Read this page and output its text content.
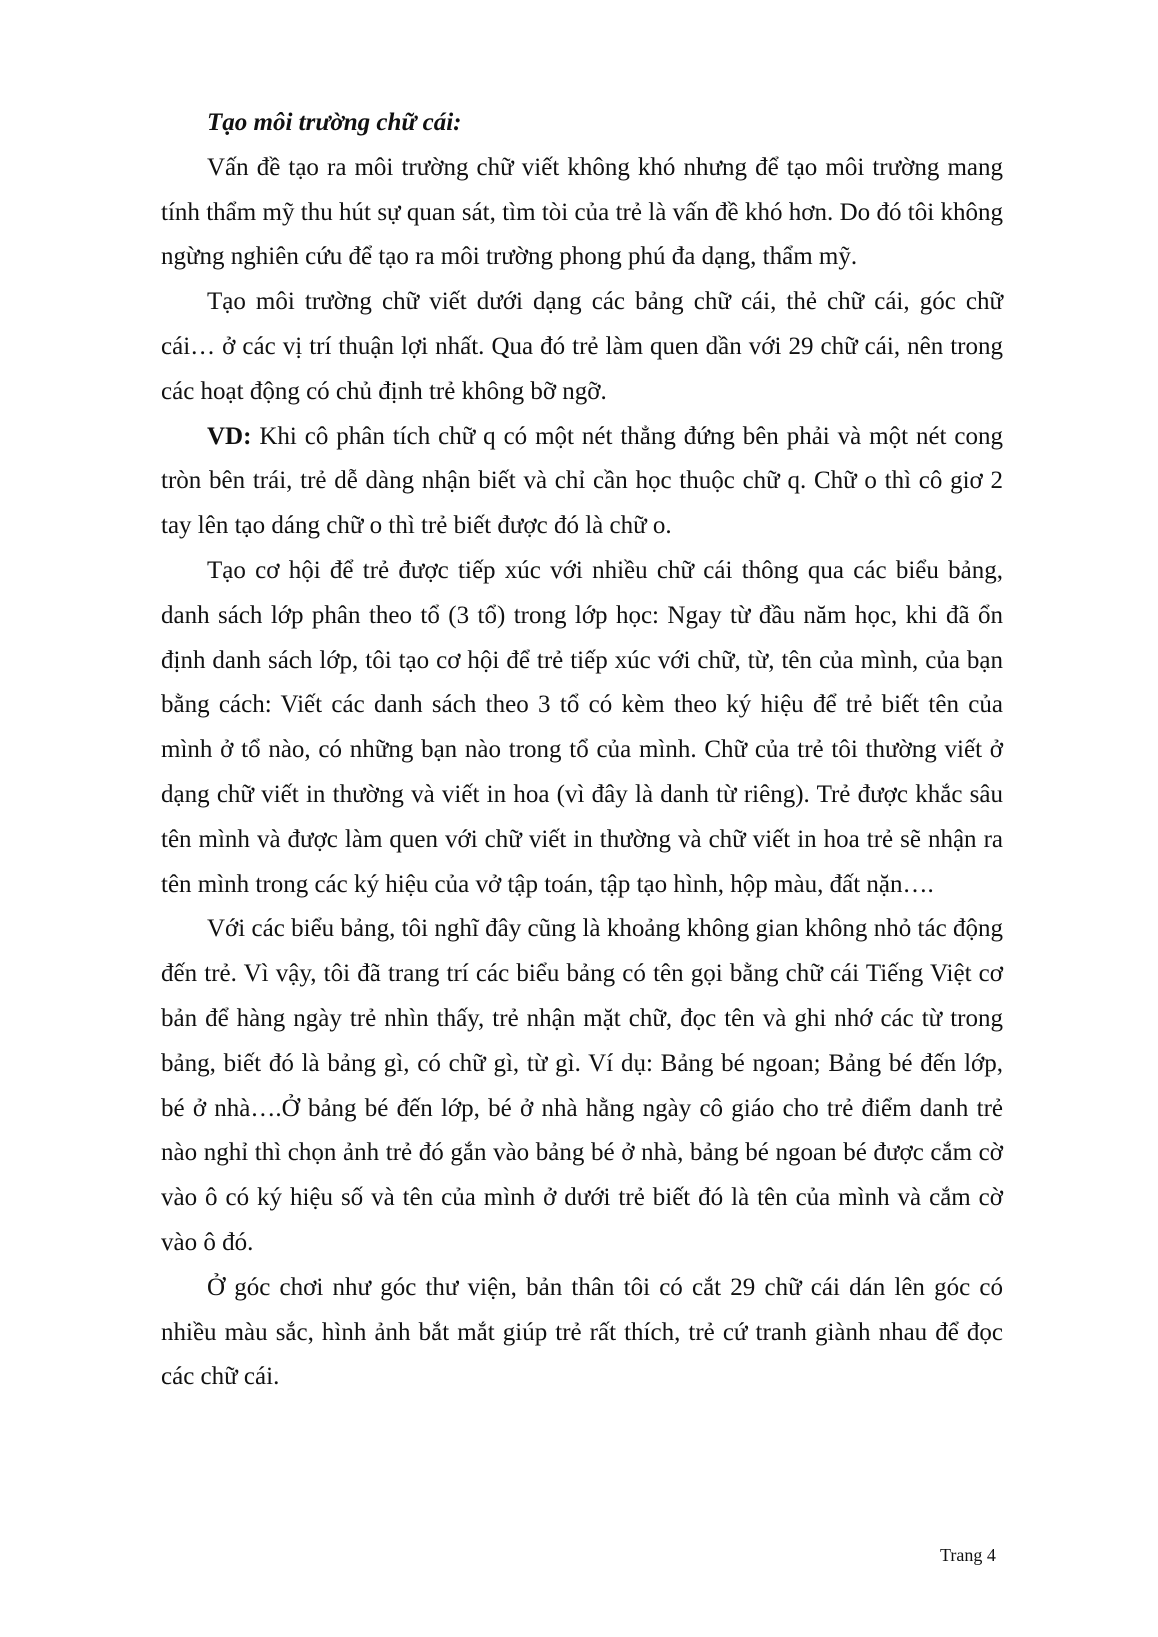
Tạo môi trường chữ cái:

Vấn đề tạo ra môi trường chữ viết không khó nhưng để tạo môi trường mang tính thẩm mỹ thu hút sự quan sát, tìm tòi của trẻ là vấn đề khó hơn. Do đó tôi không ngừng nghiên cứu để tạo ra môi trường phong phú đa dạng, thẩm mỹ.

Tạo môi trường chữ viết dưới dạng các bảng chữ cái, thẻ chữ cái, góc chữ cái… ở các vị trí thuận lợi nhất. Qua đó trẻ làm quen dần với 29 chữ cái, nên trong các hoạt động có chủ định trẻ không bỡ ngỡ.

VD: Khi cô phân tích chữ q có một nét thẳng đứng bên phải và một nét cong tròn bên trái, trẻ dễ dàng nhận biết và chỉ cần học thuộc chữ q. Chữ o thì cô giơ 2 tay lên tạo dáng chữ o thì trẻ biết được đó là chữ o.

Tạo cơ hội để trẻ được tiếp xúc với nhiều chữ cái thông qua các biểu bảng, danh sách lớp phân theo tổ (3 tổ) trong lớp học: Ngay từ đầu năm học, khi đã ổn định danh sách lớp, tôi tạo cơ hội để trẻ tiếp xúc với chữ, từ, tên của mình, của bạn bằng cách: Viết các danh sách theo 3 tổ có kèm theo ký hiệu để trẻ biết tên của mình ở tổ nào, có những bạn nào trong tổ của mình. Chữ của trẻ tôi thường viết ở dạng chữ viết in thường và viết in hoa (vì đây là danh từ riêng). Trẻ được khắc sâu tên mình và được làm quen với chữ viết in thường và chữ viết in hoa trẻ sẽ nhận ra tên mình trong các ký hiệu của vở tập toán, tập tạo hình, hộp màu, đất nặn….

Với các biểu bảng, tôi nghĩ đây cũng là khoảng không gian không nhỏ tác động đến trẻ. Vì vậy, tôi đã trang trí các biểu bảng có tên gọi bằng chữ cái Tiếng Việt cơ bản để hàng ngày trẻ nhìn thấy, trẻ nhận mặt chữ, đọc tên và ghi nhớ các từ trong bảng, biết đó là bảng gì, có chữ gì, từ gì. Ví dụ: Bảng bé ngoan; Bảng bé đến lớp, bé ở nhà….Ở bảng bé đến lớp, bé ở nhà hằng ngày cô giáo cho trẻ điểm danh trẻ nào nghỉ thì chọn ảnh trẻ đó gắn vào bảng bé ở nhà, bảng bé ngoan bé được cắm cờ vào ô có ký hiệu số và tên của mình ở dưới trẻ biết đó là tên của mình và cắm cờ vào ô đó.

Ở góc chơi như góc thư viện, bản thân tôi có cắt 29 chữ cái dán lên góc có nhiều màu sắc, hình ảnh bắt mắt giúp trẻ rất thích, trẻ cứ tranh giành nhau để đọc các chữ cái.

Trang 4
